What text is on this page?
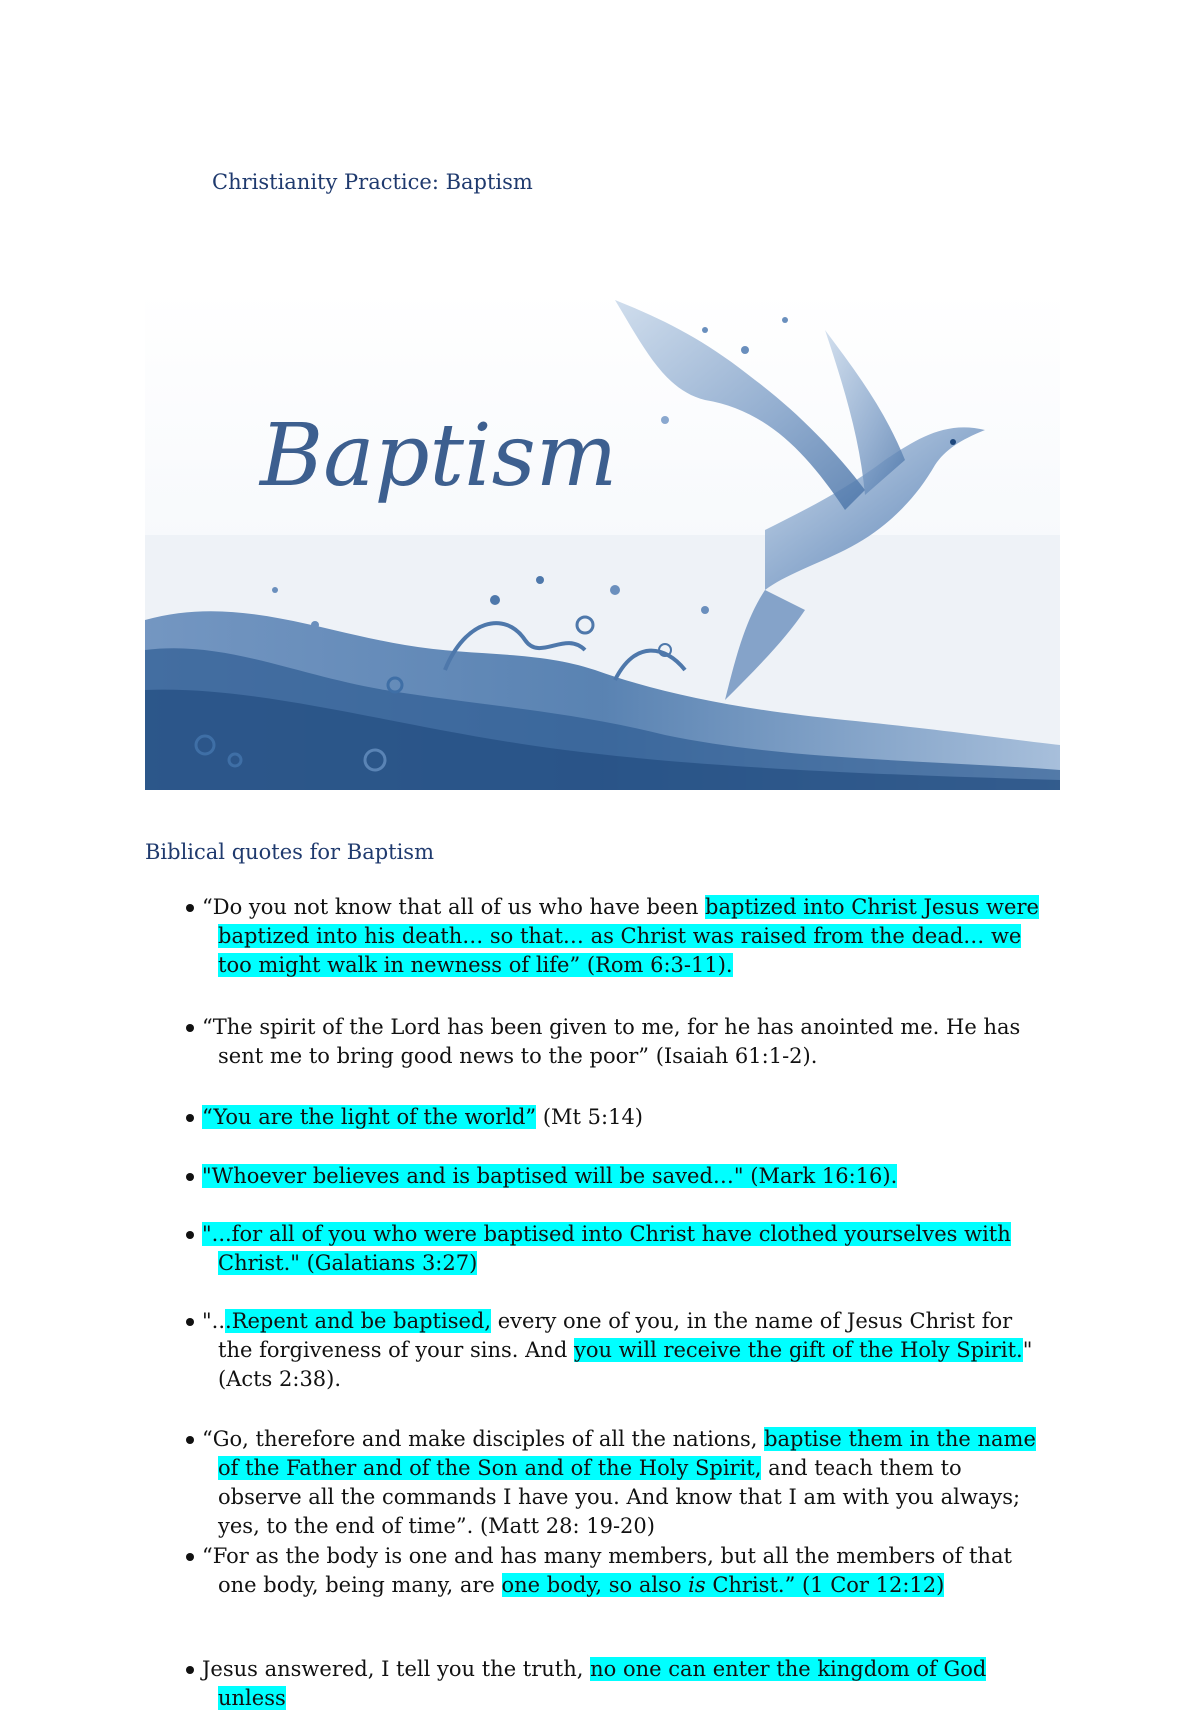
Christianity Practice: Baptism
Baptism
Biblical quotes for Baptism
“Do you not know that all of us who have been baptized into Christ Jesus were baptized into his death… so that… as Christ was raised from the dead… we too might walk in newness of life” (Rom 6:3-11).
“The spirit of the Lord has been given to me, for he has anointed me. He has sent me to bring good news to the poor” (Isaiah 61:1-2).
“You are the light of the world” (Mt 5:14)
"Whoever believes and is baptised will be saved…" (Mark 16:16).
"...for all of you who were baptised into Christ have clothed yourselves with Christ." (Galatians 3:27)
"...Repent and be baptised, every one of you, in the name of Jesus Christ for the forgiveness of your sins. And you will receive the gift of the Holy Spirit." (Acts 2:38).
“Go, therefore and make disciples of all the nations, baptise them in the name of the Father and of the Son and of the Holy Spirit, and teach them to observe all the commands I have you. And know that I am with you always; yes, to the end of time”. (Matt 28: 19-20)
“For as the body is one and has many members, but all the members of that one body, being many, are one body, so also is Christ.” (1 Cor 12:12)
Jesus answered, I tell you the truth, no one can enter the kingdom of God unless
